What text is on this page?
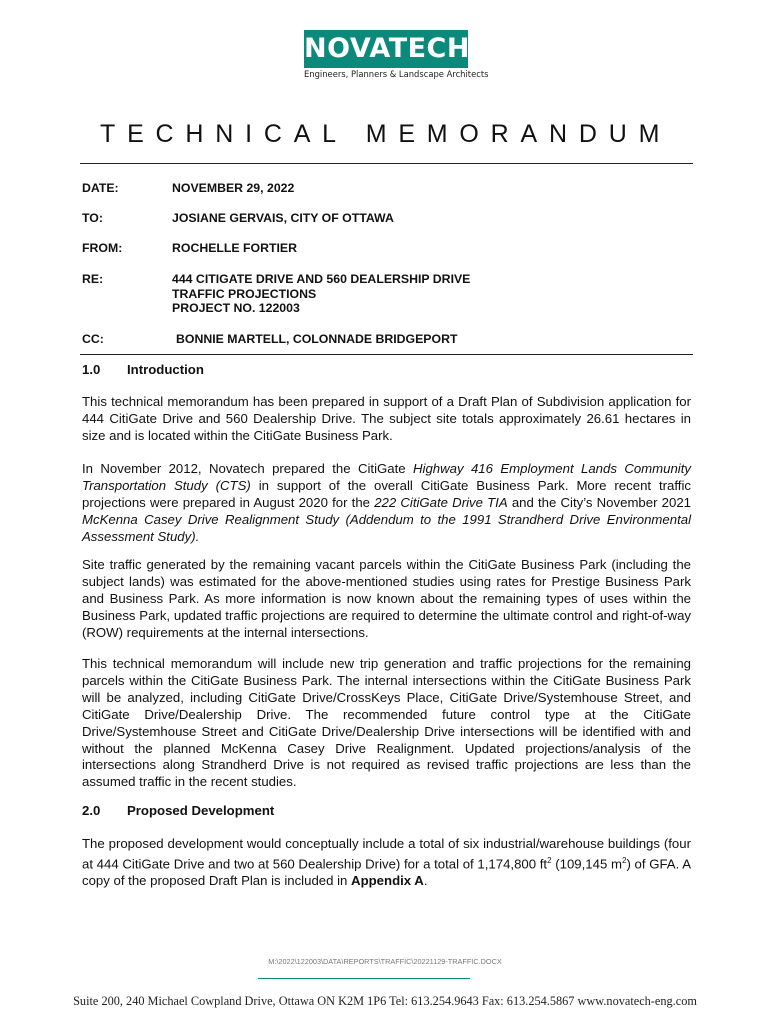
NOVATECH
Engineers, Planners & Landscape Architects
TECHNICAL MEMORANDUM
DATE:	NOVEMBER 29, 2022
TO:	JOSIANE GERVAIS, CITY OF OTTAWA
FROM:	ROCHELLE FORTIER
RE:	444 CITIGATE DRIVE AND 560 DEALERSHIP DRIVE
TRAFFIC PROJECTIONS
PROJECT NO. 122003
CC:	BONNIE MARTELL, COLONNADE BRIDGEPORT
1.0 Introduction
This technical memorandum has been prepared in support of a Draft Plan of Subdivision application for 444 CitiGate Drive and 560 Dealership Drive. The subject site totals approximately 26.61 hectares in size and is located within the CitiGate Business Park.
In November 2012, Novatech prepared the CitiGate Highway 416 Employment Lands Community Transportation Study (CTS) in support of the overall CitiGate Business Park. More recent traffic projections were prepared in August 2020 for the 222 CitiGate Drive TIA and the City’s November 2021 McKenna Casey Drive Realignment Study (Addendum to the 1991 Strandherd Drive Environmental Assessment Study).
Site traffic generated by the remaining vacant parcels within the CitiGate Business Park (including the subject lands) was estimated for the above-mentioned studies using rates for Prestige Business Park and Business Park. As more information is now known about the remaining types of uses within the Business Park, updated traffic projections are required to determine the ultimate control and right-of-way (ROW) requirements at the internal intersections.
This technical memorandum will include new trip generation and traffic projections for the remaining parcels within the CitiGate Business Park. The internal intersections within the CitiGate Business Park will be analyzed, including CitiGate Drive/CrossKeys Place, CitiGate Drive/Systemhouse Street, and CitiGate Drive/Dealership Drive. The recommended future control type at the CitiGate Drive/Systemhouse Street and CitiGate Drive/Dealership Drive intersections will be identified with and without the planned McKenna Casey Drive Realignment. Updated projections/analysis of the intersections along Strandherd Drive is not required as revised traffic projections are less than the assumed traffic in the recent studies.
2.0 Proposed Development
The proposed development would conceptually include a total of six industrial/warehouse buildings (four at 444 CitiGate Drive and two at 560 Dealership Drive) for a total of 1,174,800 $ft^2$ (109,145 $m^2$) of GFA. A copy of the proposed Draft Plan is included in Appendix A.
M:\2022\122003\DATA\REPORTS\TRAFFIC\20221129-TRAFFIC.DOCX
Suite 200, 240 Michael Cowpland Drive, Ottawa ON K2M 1P6 Tel: 613.254.9643 Fax: 613.254.5867 www.novatech-eng.com
